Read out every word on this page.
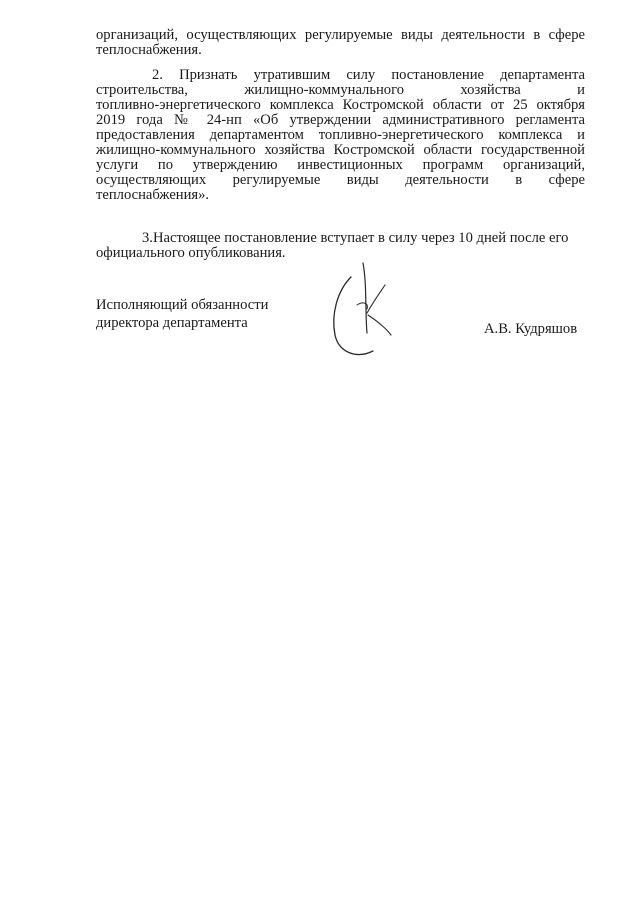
организаций, осуществляющих регулируемые виды деятельности в сфере
теплоснабжения.
2. Признать утратившим силу постановление департамента
строительства, жилищно-коммунального хозяйства и
топливно-энергетического комплекса Костромской области от 25 октября
2019 года № 24-нп «Об утверждении административного регламента
предоставления департаментом топливно-энергетического комплекса и
жилищно-коммунального хозяйства Костромской области государственной
услуги по утверждению инвестиционных программ организаций,
осуществляющих регулируемые виды деятельности в сфере
теплоснабжения».
3.Настоящее постановление вступает в силу через 10 дней после его
официального опубликования.
Исполняющий обязанности
директора департамента	А.В. Кудряшов
